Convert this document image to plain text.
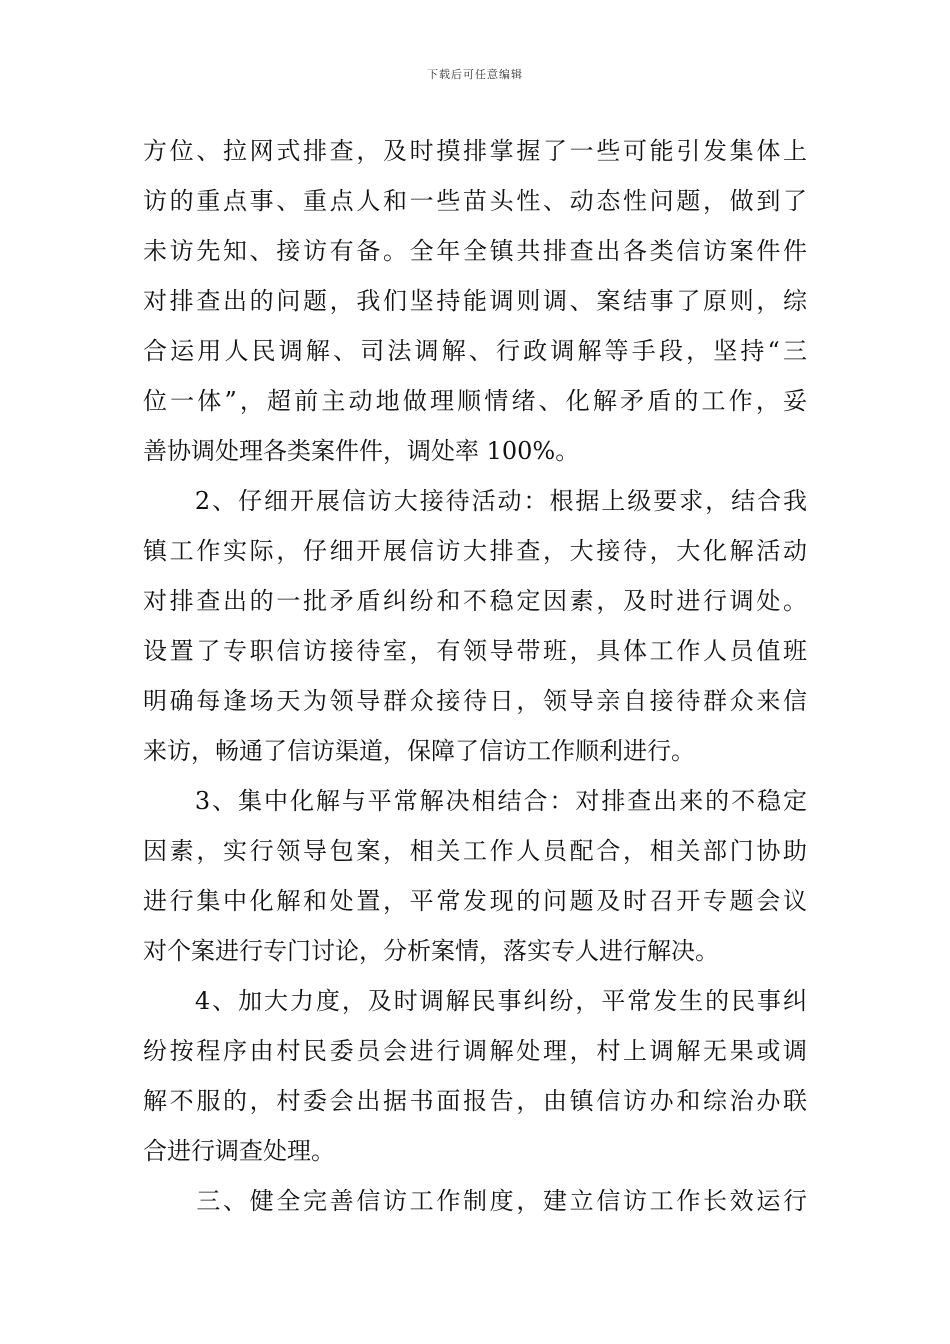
下载后可任意编辑
方位、拉网式排查，及时摸排掌握了一些可能引发集体上
访的重点事、重点人和一些苗头性、动态性问题，做到了
未访先知、接访有备。全年全镇共排查出各类信访案件件
对排查出的问题，我们坚持能调则调、案结事了原则，综
合运用人民调解、司法调解、行政调解等手段，坚持“三
位一体”，超前主动地做理顺情绪、化解矛盾的工作，妥
善协调处理各类案件件，调处率 100%。
　　2、仔细开展信访大接待活动：根据上级要求，结合我
镇工作实际，仔细开展信访大排查，大接待，大化解活动
对排查出的一批矛盾纠纷和不稳定因素，及时进行调处。
设置了专职信访接待室，有领导带班，具体工作人员值班
明确每逢场天为领导群众接待日，领导亲自接待群众来信
来访，畅通了信访渠道，保障了信访工作顺利进行。
　　3、集中化解与平常解决相结合：对排查出来的不稳定
因素，实行领导包案，相关工作人员配合，相关部门协助
进行集中化解和处置，平常发现的问题及时召开专题会议
对个案进行专门讨论，分析案情，落实专人进行解决。
　　4、加大力度，及时调解民事纠纷，平常发生的民事纠
纷按程序由村民委员会进行调解处理，村上调解无果或调
解不服的，村委会出据书面报告，由镇信访办和综治办联
合进行调查处理。
　　三、健全完善信访工作制度，建立信访工作长效运行
